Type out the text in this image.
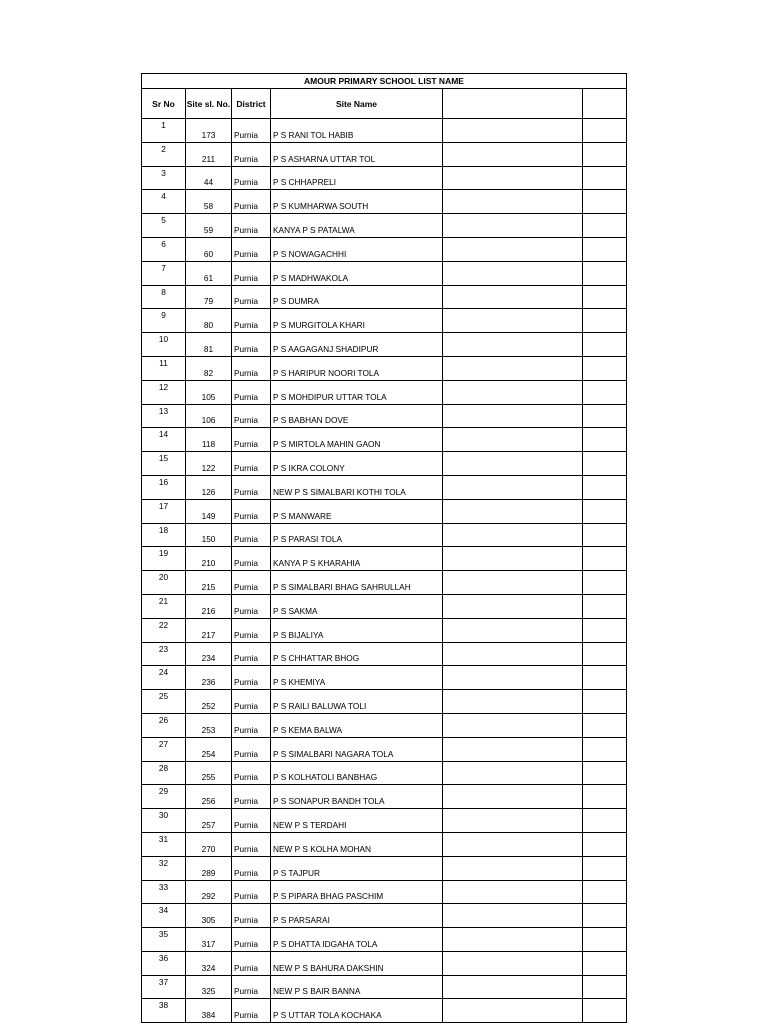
AMOUR PRIMARY SCHOOL LIST NAME					
Sr No	Site sl. No.	District	Site Name		
1	173	Purnia	P S RANI TOL HABIB		
2	211	Purnia	P S ASHARNA UTTAR TOL		
3	44	Purnia	P S CHHAPRELI		
4	58	Purnia	P S KUMHARWA SOUTH		
5	59	Purnia	KANYA P S PATALWA		
6	60	Purnia	P S NOWAGACHHI		
7	61	Purnia	P S MADHWAKOLA		
8	79	Purnia	P S DUMRA		
9	80	Purnia	P S MURGITOLA KHARI		
10	81	Purnia	P S AAGAGANJ SHADIPUR		
11	82	Purnia	P S HARIPUR NOORI TOLA		
12	105	Purnia	P S MOHDIPUR UTTAR TOLA		
13	106	Purnia	P S BABHAN DOVE		
14	118	Purnia	P S MIRTOLA MAHIN GAON		
15	122	Purnia	P S IKRA COLONY		
16	126	Purnia	NEW P S SIMALBARI KOTHI TOLA		
17	149	Purnia	P S MANWARE		
18	150	Purnia	P S PARASI TOLA		
19	210	Purnia	KANYA P S KHARAHIA		
20	215	Purnia	P S SIMALBARI BHAG SAHRULLAH		
21	216	Purnia	P S SAKMA		
22	217	Purnia	P S BIJALIYA		
23	234	Purnia	P S CHHATTAR BHOG		
24	236	Purnia	P S KHEMIYA		
25	252	Purnia	P S RAILI BALUWA TOLI		
26	253	Purnia	P S KEMA BALWA		
27	254	Purnia	P S SIMALBARI NAGARA TOLA		
28	255	Purnia	P S KOLHATOLI BANBHAG		
29	256	Purnia	P S SONAPUR BANDH TOLA		
30	257	Purnia	NEW P S TERDAHI		
31	270	Purnia	NEW P S KOLHA MOHAN		
32	289	Purnia	P S TAJPUR		
33	292	Purnia	P S PIPARA BHAG PASCHIM		
34	305	Purnia	P S PARSARAI		
35	317	Purnia	P S DHATTA IDGAHA TOLA		
36	324	Purnia	NEW P S BAHURA DAKSHIN		
37	325	Purnia	NEW P S BAIR BANNA		
38	384	Purnia	P S UTTAR TOLA KOCHAKA		
